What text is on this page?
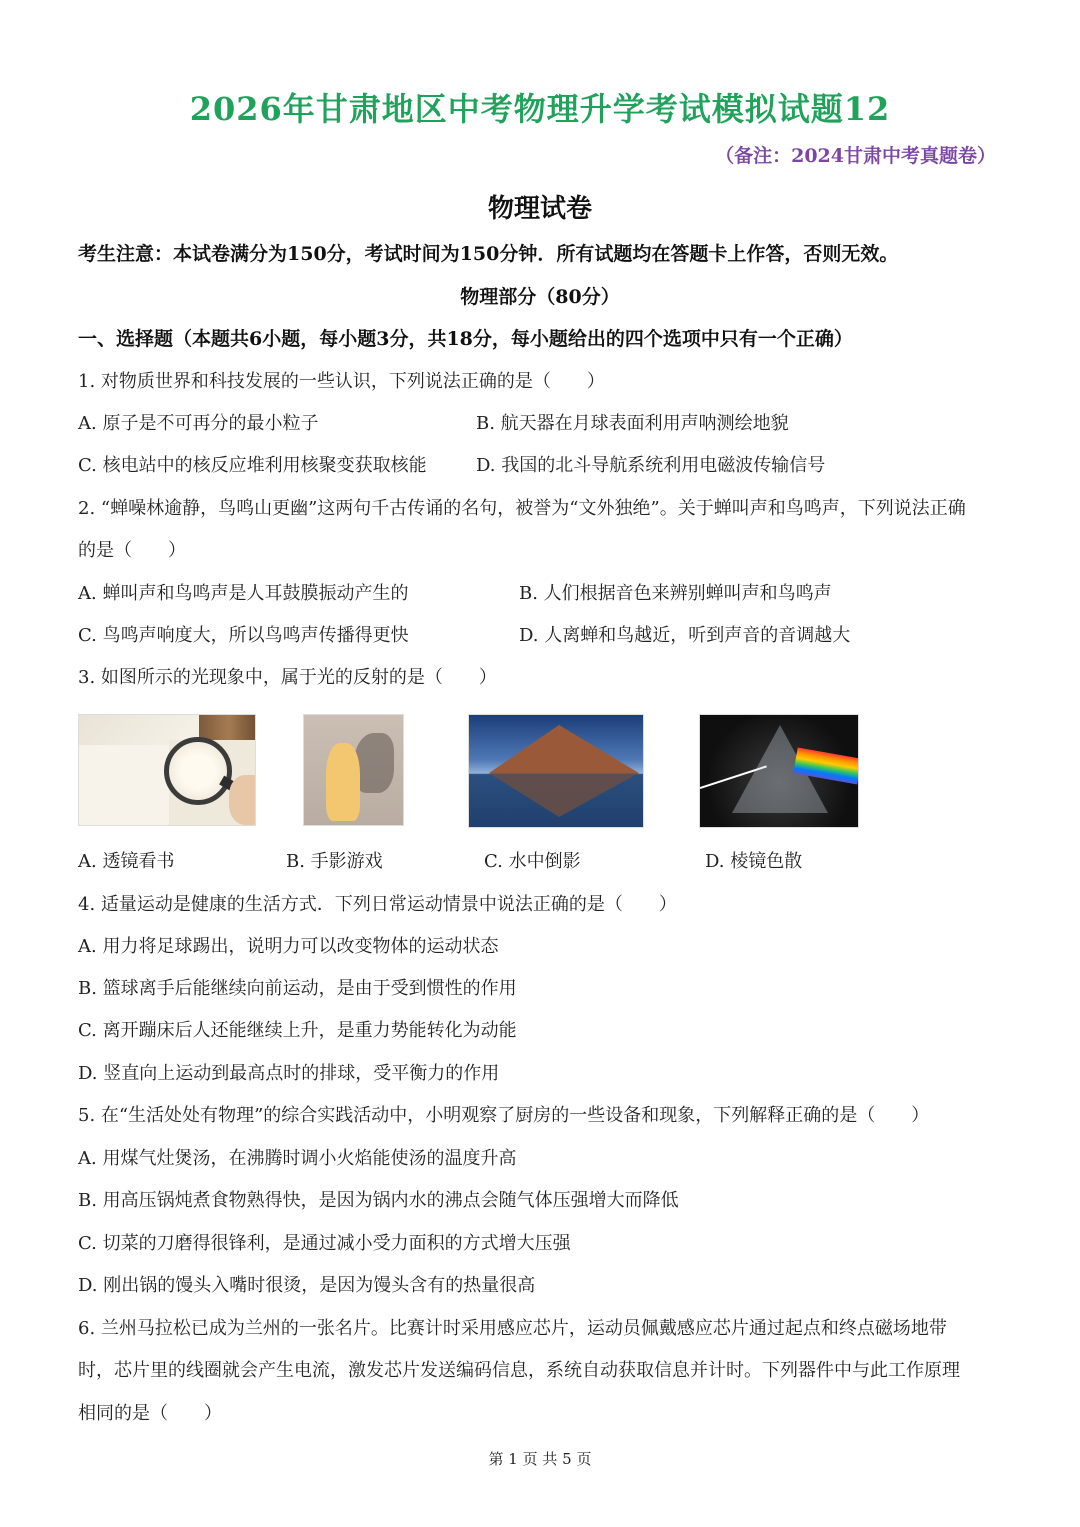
2026年甘肃地区中考物理升学考试模拟试题12
（备注：2024甘肃中考真题卷）
物理试卷
考生注意：本试卷满分为150分，考试时间为150分钟．所有试题均在答题卡上作答，否则无效。
物理部分（80分）
一、选择题（本题共6小题，每小题3分，共18分，每小题给出的四个选项中只有一个正确）
1. 对物质世界和科技发展的一些认识，下列说法正确的是（　　）
A. 原子是不可再分的最小粒子	B. 航天器在月球表面利用声呐测绘地貌
C. 核电站中的核反应堆利用核聚变获取核能	D. 我国的北斗导航系统利用电磁波传输信号
2. “蝉噪林逾静，鸟鸣山更幽”这两句千古传诵的名句，被誉为“文外独绝”。关于蝉叫声和鸟鸣声，下列说法正确
的是（　　）
A. 蝉叫声和鸟鸣声是人耳鼓膜振动产生的	B. 人们根据音色来辨别蝉叫声和鸟鸣声
C. 鸟鸣声响度大，所以鸟鸣声传播得更快	D. 人离蝉和鸟越近，听到声音的音调越大
3. 如图所示的光现象中，属于光的反射的是（　　）
A. 透镜看书	B. 手影游戏	C. 水中倒影	D. 棱镜色散
4. 适量运动是健康的生活方式．下列日常运动情景中说法正确的是（　　）
A. 用力将足球踢出，说明力可以改变物体的运动状态
B. 篮球离手后能继续向前运动，是由于受到惯性的作用
C. 离开蹦床后人还能继续上升，是重力势能转化为动能
D. 竖直向上运动到最高点时的排球，受平衡力的作用
5. 在“生活处处有物理”的综合实践活动中，小明观察了厨房的一些设备和现象，下列解释正确的是（　　）
A. 用煤气灶煲汤，在沸腾时调小火焰能使汤的温度升高
B. 用高压锅炖煮食物熟得快，是因为锅内水的沸点会随气体压强增大而降低
C. 切菜的刀磨得很锋利，是通过减小受力面积的方式增大压强
D. 刚出锅的馒头入嘴时很烫，是因为馒头含有的热量很高
6. 兰州马拉松已成为兰州的一张名片。比赛计时采用感应芯片，运动员佩戴感应芯片通过起点和终点磁场地带
时，芯片里的线圈就会产生电流，激发芯片发送编码信息，系统自动获取信息并计时。下列器件中与此工作原理
相同的是（　　）
第 1 页 共 5 页
